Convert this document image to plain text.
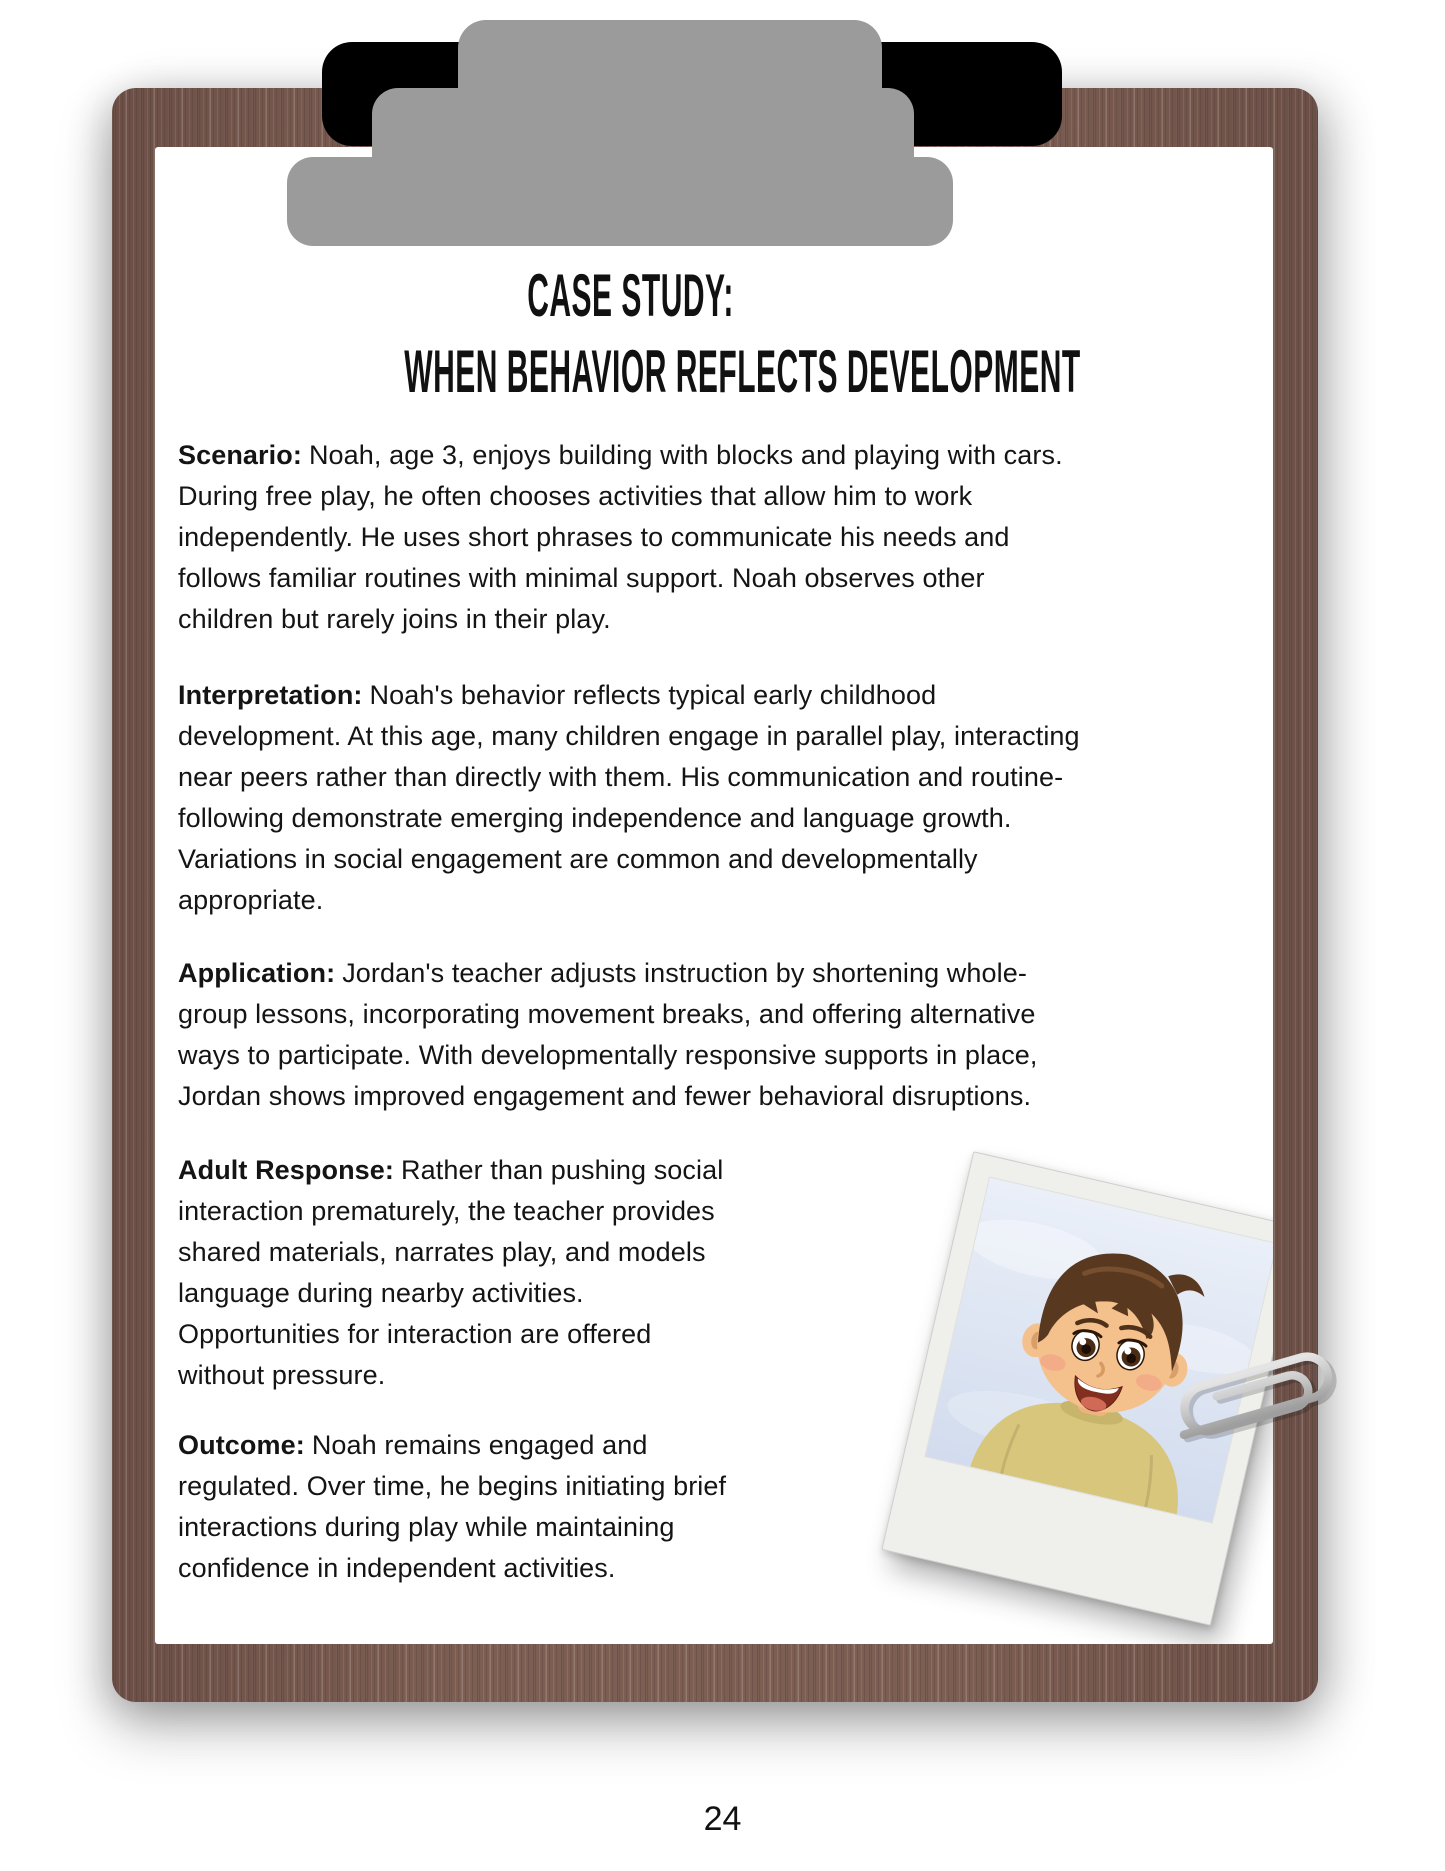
CASE STUDY:
WHEN BEHAVIOR REFLECTS DEVELOPMENT

Scenario: Noah, age 3, enjoys building with blocks and playing with cars. During free play, he often chooses activities that allow him to work independently. He uses short phrases to communicate his needs and follows familiar routines with minimal support. Noah observes other children but rarely joins in their play.

Interpretation: Noah's behavior reflects typical early childhood development. At this age, many children engage in parallel play, interacting near peers rather than directly with them. His communication and routine-following demonstrate emerging independence and language growth. Variations in social engagement are common and developmentally appropriate.

Application: Jordan's teacher adjusts instruction by shortening whole-group lessons, incorporating movement breaks, and offering alternative ways to participate. With developmentally responsive supports in place, Jordan shows improved engagement and fewer behavioral disruptions.

Adult Response: Rather than pushing social interaction prematurely, the teacher provides shared materials, narrates play, and models language during nearby activities. Opportunities for interaction are offered without pressure.

Outcome: Noah remains engaged and regulated. Over time, he begins initiating brief interactions during play while maintaining confidence in independent activities.

24
